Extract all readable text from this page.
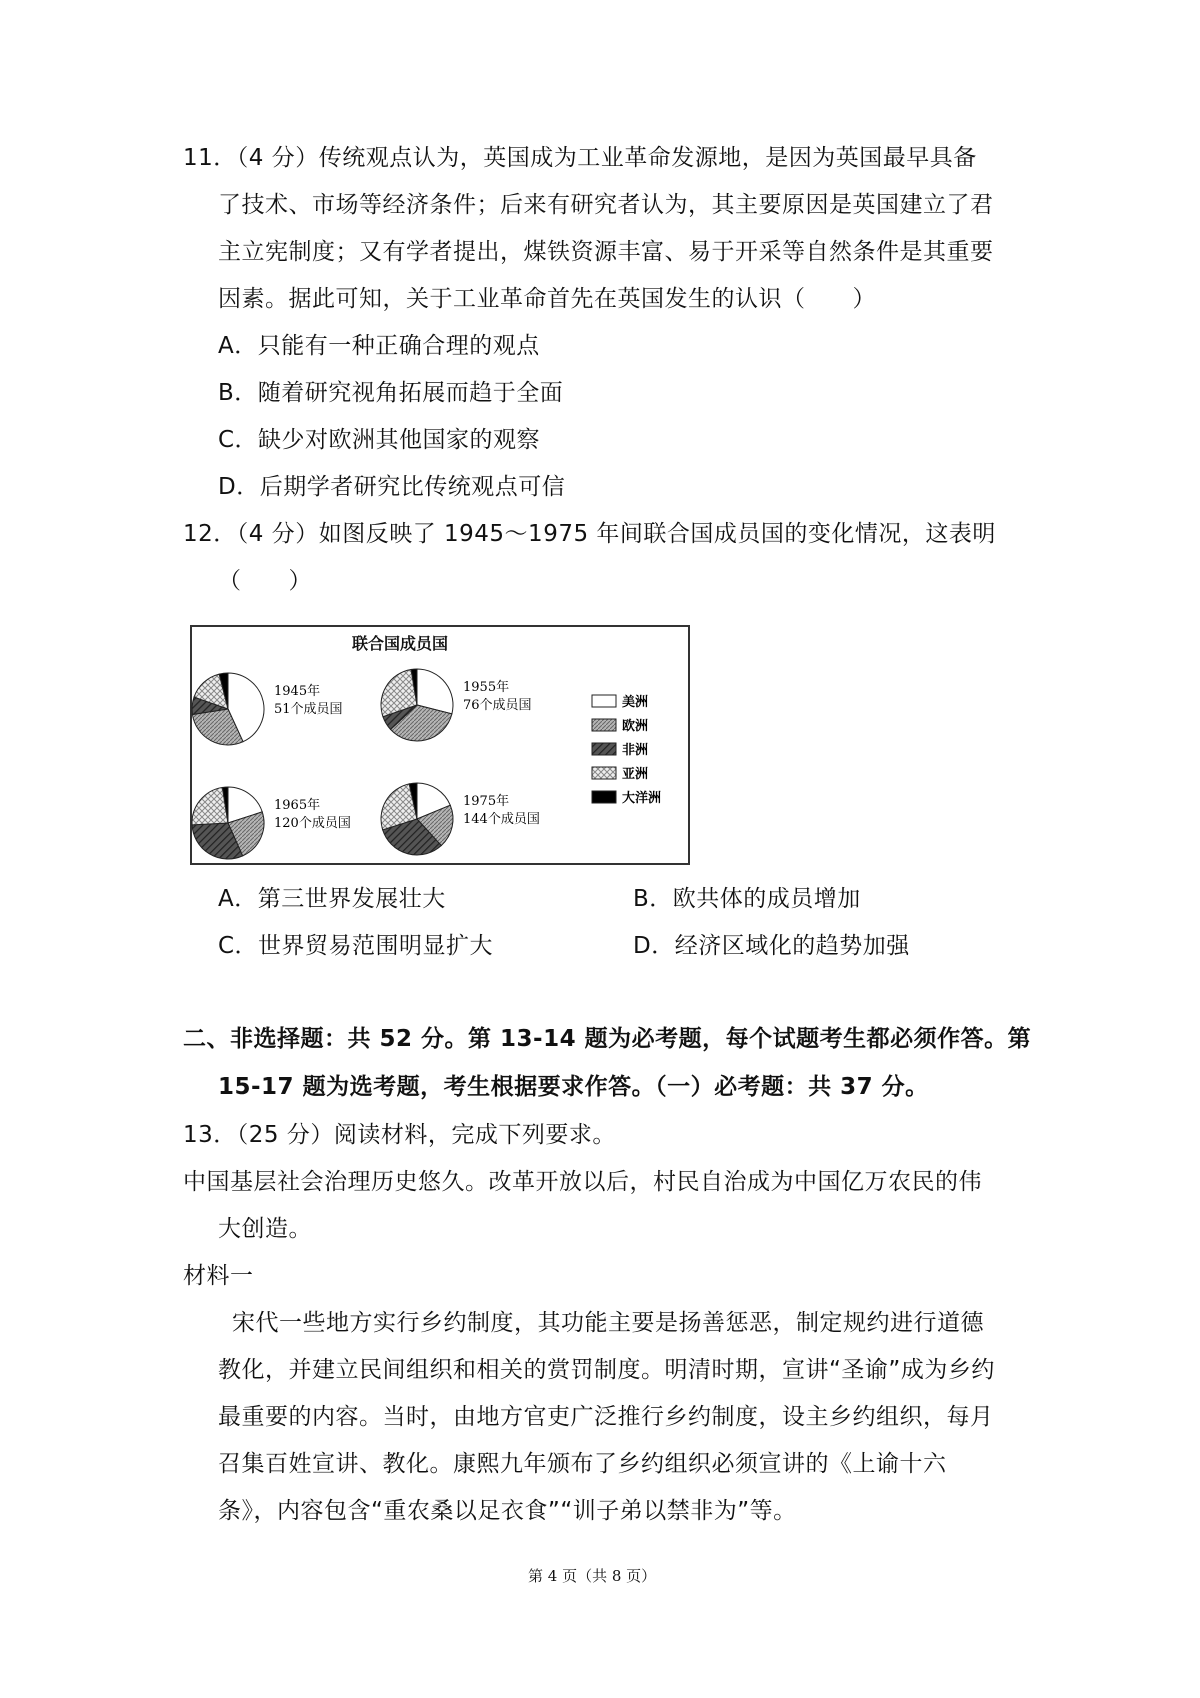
11．（4 分）传统观点认为，英国成为工业革命发源地，是因为英国最早具备
了技术、市场等经济条件；后来有研究者认为，其主要原因是英国建立了君
主立宪制度；又有学者提出，煤铁资源丰富、易于开采等自然条件是其重要
因素。据此可知，关于工业革命首先在英国发生的认识（　　）
A．只能有一种正确合理的观点
B．随着研究视角拓展而趋于全面
C．缺少对欧洲其他国家的观察
D．后期学者研究比传统观点可信
12．（4 分）如图反映了 1945～1975 年间联合国成员国的变化情况，这表明
（　　）
联合国成员国
1945年
51个成员国
1955年
76个成员国
1965年
120个成员国
1975年
144个成员国
美洲
欧洲
非洲
亚洲
大洋洲
A．第三世界发展壮大	B．欧共体的成员增加
C．世界贸易范围明显扩大	D．经济区域化的趋势加强
二、非选择题：共 52 分。第 13-14 题为必考题，每个试题考生都必须作答。第
15-17 题为选考题，考生根据要求作答。（一）必考题：共 37 分。
13．（25 分）阅读材料，完成下列要求。
中国基层社会治理历史悠久。改革开放以后，村民自治成为中国亿万农民的伟
大创造。
材料一
宋代一些地方实行乡约制度，其功能主要是扬善惩恶，制定规约进行道德
教化，并建立民间组织和相关的赏罚制度。明清时期，宣讲“圣谕”成为乡约
最重要的内容。当时，由地方官吏广泛推行乡约制度，设主乡约组织，每月
召集百姓宣讲、教化。康熙九年颁布了乡约组织必须宣讲的《上谕十六
条》，内容包含“重农桑以足衣食”“训子弟以禁非为”等。
第 4 页（共 8 页）
